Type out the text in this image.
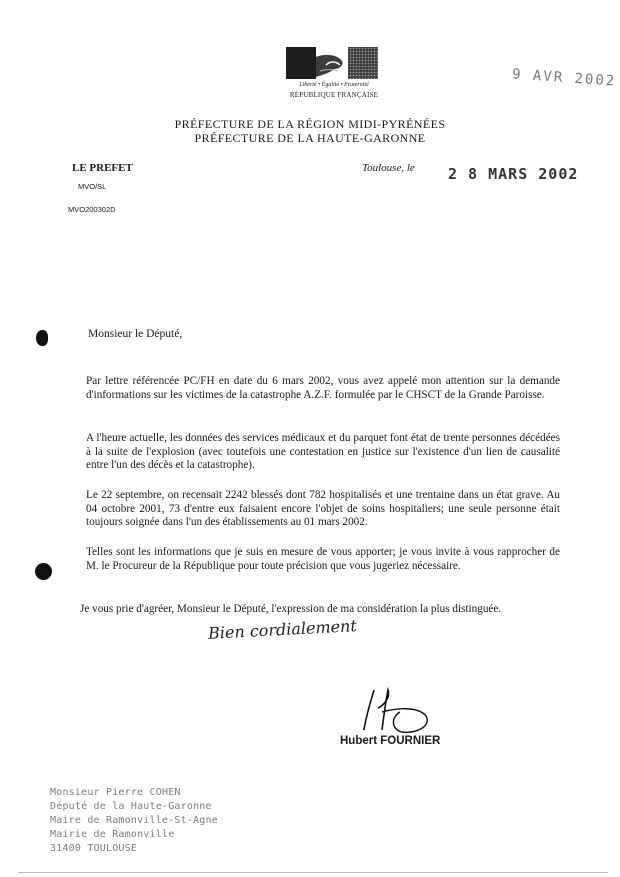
Liberté • Égalité • Fraternité
RÉPUBLIQUE FRANÇAISE
9 AVR 2002
PRÉFECTURE DE LA RÉGION MIDI-PYRÉNÉES
PRÉFECTURE DE LA HAUTE-GARONNE
LE PREFET
MVO/SL
MVO200302D
Toulouse, le 2 8 MARS 2002
Monsieur le Député,
Par lettre référencée PC/FH en date du 6 mars 2002, vous avez appelé mon attention sur la demande d'informations sur les victimes de la catastrophe A.Z.F. formulée par le CHSCT de la Grande Paroisse.
A l'heure actuelle, les données des services médicaux et du parquet font état de trente personnes décédées à la suite de l'explosion (avec toutefois une contestation en justice sur l'existence d'un lien de causalité entre l'un des décès et la catastrophe).
Le 22 septembre, on recensait 2242 blessés dont 782 hospitalisés et une trentaine dans un état grave. Au 04 octobre 2001, 73 d'entre eux faisaient encore l'objet de soins hospitaliers; une seule personne était toujours soignée dans l'un des établissements au 01 mars 2002.
Telles sont les informations que je suis en mesure de vous apporter; je vous invite à vous rapprocher de M. le Procureur de la République pour toute précision que vous jugeriez nécessaire.
Je vous prie d'agréer, Monsieur le Député, l'expression de ma considération la plus distinguée.
Bien cordialement
Hubert FOURNIER
Monsieur Pierre COHEN
Député de la Haute-Garonne
Maire de Ramonville-St-Agne
Mairie de Ramonville
31400 TOULOUSE
